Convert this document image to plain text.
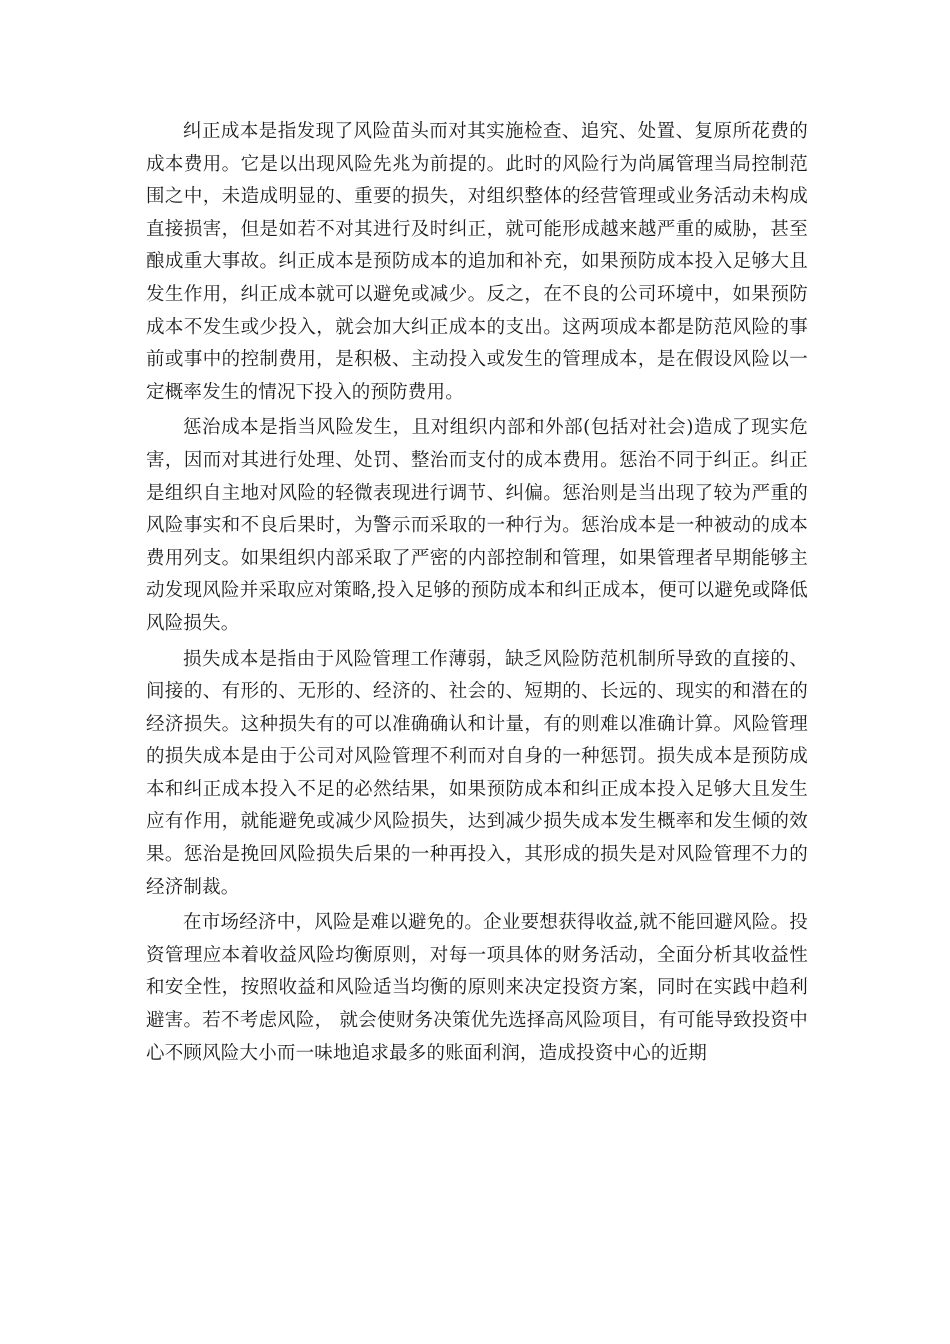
纠正成本是指发现了风险苗头而对其实施检查、追究、处置、复原所花费的成本费用。它是以出现风险先兆为前提的。此时的风险行为尚属管理当局控制范围之中，未造成明显的、重要的损失，对组织整体的经营管理或业务活动未构成直接损害，但是如若不对其进行及时纠正，就可能形成越来越严重的威胁，甚至酿成重大事故。纠正成本是预防成本的追加和补充，如果预防成本投入足够大且发生作用，纠正成本就可以避免或减少。反之，在不良的公司环境中，如果预防成本不发生或少投入，就会加大纠正成本的支出。这两项成本都是防范风险的事前或事中的控制费用，是积极、主动投入或发生的管理成本，是在假设风险以一定概率发生的情况下投入的预防费用。

惩治成本是指当风险发生，且对组织内部和外部(包括对社会)造成了现实危害，因而对其进行处理、处罚、整治而支付的成本费用。惩治不同于纠正。纠正是组织自主地对风险的轻微表现进行调节、纠偏。惩治则是当出现了较为严重的风险事实和不良后果时，为警示而采取的一种行为。惩治成本是一种被动的成本费用列支。如果组织内部采取了严密的内部控制和管理，如果管理者早期能够主动发现风险并采取应对策略,投入足够的预防成本和纠正成本，便可以避免或降低风险损失。

损失成本是指由于风险管理工作薄弱，缺乏风险防范机制所导致的直接的、间接的、有形的、无形的、经济的、社会的、短期的、长远的、现实的和潜在的经济损失。这种损失有的可以准确确认和计量，有的则难以准确计算。风险管理的损失成本是由于公司对风险管理不利而对自身的一种惩罚。损失成本是预防成本和纠正成本投入不足的必然结果，如果预防成本和纠正成本投入足够大且发生应有作用，就能避免或减少风险损失，达到减少损失成本发生概率和发生倾的效果。惩治是挽回风险损失后果的一种再投入，其形成的损失是对风险管理不力的经济制裁。

在市场经济中，风险是难以避免的。企业要想获得收益,就不能回避风险。投资管理应本着收益风险均衡原则，对每一项具体的财务活动，全面分析其收益性和安全性，按照收益和风险适当均衡的原则来决定投资方案，同时在实践中趋利避害。若不考虑风险， 就会使财务决策优先选择高风险项目，有可能导致投资中心不顾风险大小而一味地追求最多的账面利润，造成投资中心的近期
